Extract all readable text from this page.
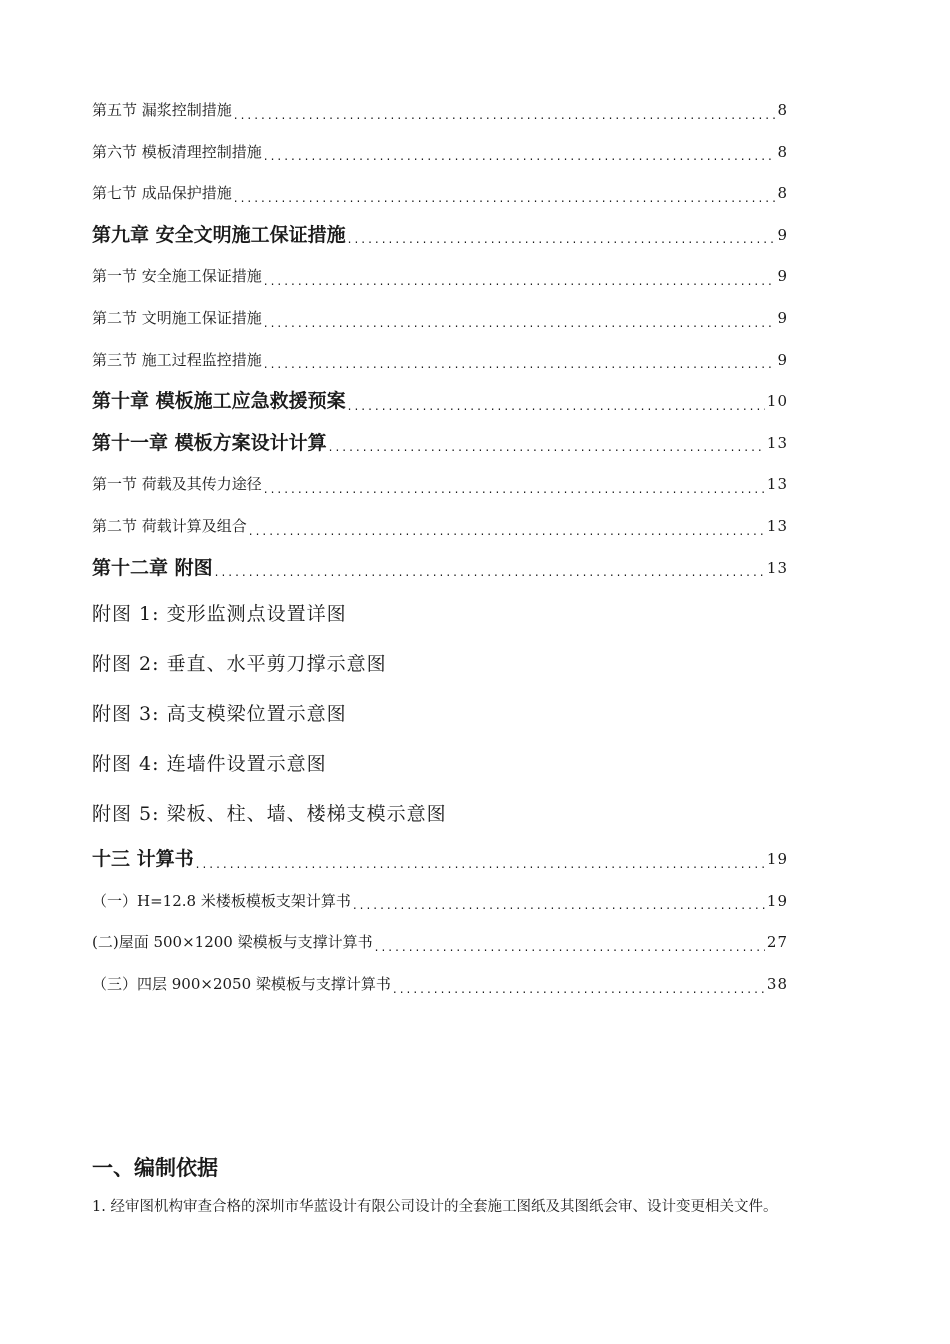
第五节 漏浆控制措施 .....	8
第六节 模板清理控制措施 .....	8
第七节 成品保护措施 .....	8
第九章 安全文明施工保证措施 .....	9
第一节 安全施工保证措施 .....	9
第二节 文明施工保证措施 .....	9
第三节 施工过程监控措施 .....	9
第十章 模板施工应急救援预案 .....	10
第十一章 模板方案设计计算 .....	13
第一节 荷载及其传力途径 .....	13
第二节 荷载计算及组合 .....	13
第十二章 附图 .....	13
附图 1: 变形监测点设置详图
附图 2: 垂直、水平剪刀撑示意图
附图 3: 高支模梁位置示意图
附图 4: 连墙件设置示意图
附图 5: 梁板、柱、墙、楼梯支模示意图
十三 计算书 .....	19
（一）H=12.8 米楼板模板支架计算书 .....	19
(二)屋面 500×1200 梁模板与支撑计算书 .....	27
（三）四层 900×2050 梁模板与支撑计算书 .....	38
一、编制依据
1. 经审图机构审查合格的深圳市华蓝设计有限公司设计的全套施工图纸及其图纸会审、设计变更相关文件。
